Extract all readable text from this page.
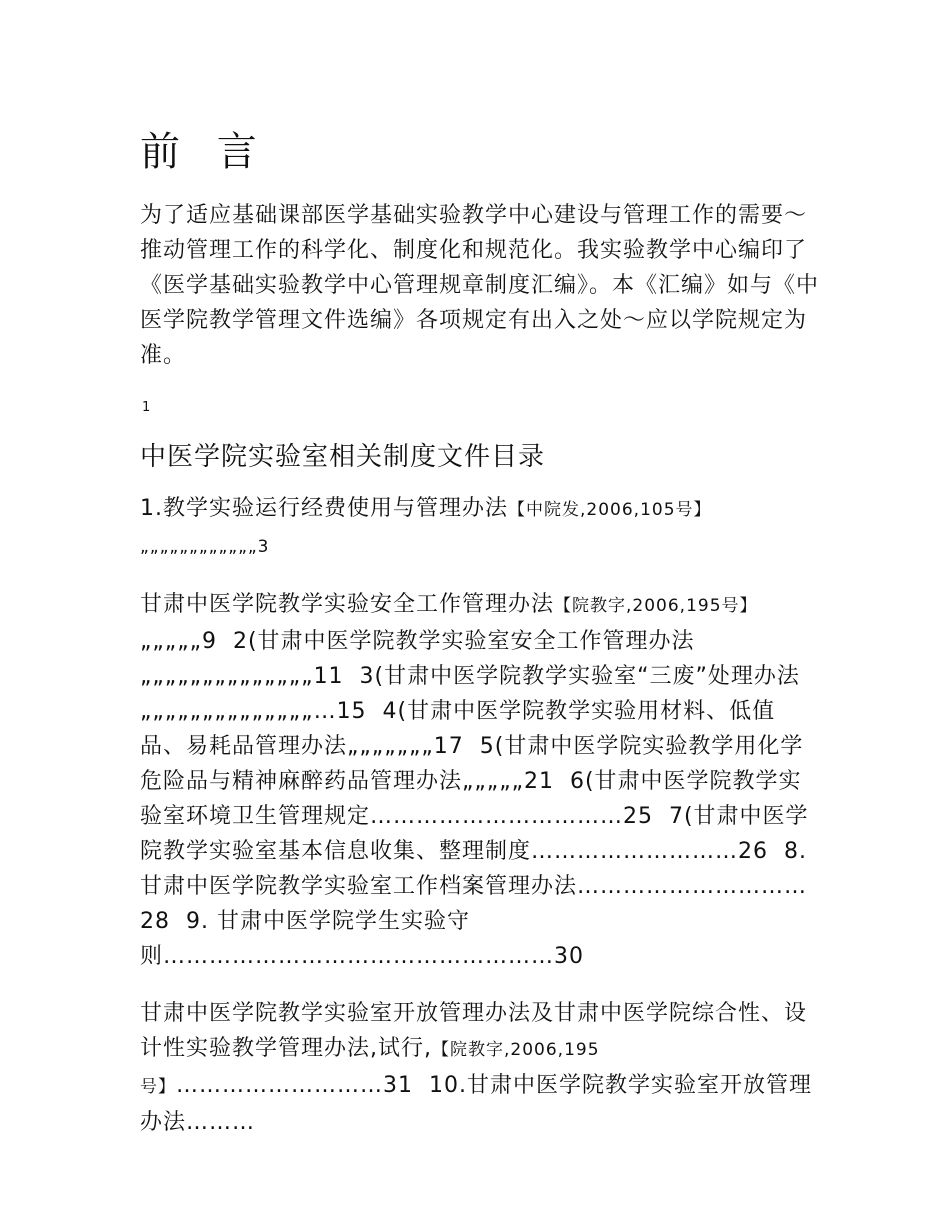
前 言

为了适应基础课部医学基础实验教学中心建设与管理工作的需要～推动管理工作的科学化、制度化和规范化。我实验教学中心编印了《医学基础实验教学中心管理规章制度汇编》。本《汇编》如与《中医学院教学管理文件选编》各项规定有出入之处～应以学院规定为准。

1
中医学院实验室相关制度文件目录

1.教学实验运行经费使用与管理办法【中院发,2006,105号】„„„„„„„„„„„„3

甘肃中医学院教学实验安全工作管理办法【院教字,2006,195号】„„„„„9  2(甘肃中医学院教学实验室安全工作管理办法„„„„„„„„„„„„„„11  3(甘肃中医学院教学实验室“三废”处理办法„„„„„„„„„„„„„„…15  4(甘肃中医学院教学实验用材料、低值品、易耗品管理办法„„„„„„„17  5(甘肃中医学院实验教学用化学危险品与精神麻醉药品管理办法„„„„„21  6(甘肃中医学院教学实验室环境卫生管理规定……………………………25  7(甘肃中医学院教学实验室基本信息收集、整理制度………………………26  8. 甘肃中医学院教学实验室工作档案管理办法…………………………28  9. 甘肃中医学院学生实验守则……………………………………………30

甘肃中医学院教学实验室开放管理办法及甘肃中医学院综合性、设计性实验教学管理办法,试行,【院教字,2006,195号】………………………31  10.甘肃中医学院教学实验室开放管理办法………
